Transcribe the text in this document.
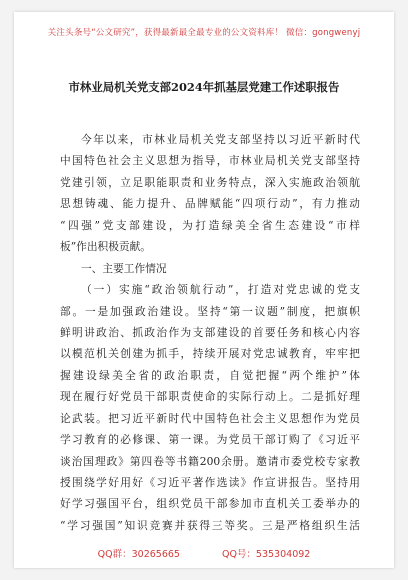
关注头条号“公文研究”，获得最新最全最专业的公文资料库！ 微信：gongwenyj
市林业局机关党支部2024年抓基层党建工作述职报告
今年以来，市林业局机关党支部坚持以习近平新时代
中国特色社会主义思想为指导，市林业局机关党支部坚持
党建引领，立足职能职责和业务特点，深入实施政治领航
思想铸魂、能力提升、品牌赋能“四项行动”，有力推动
“四强”党支部建设，为打造绿美全省生态建设“市样
板”作出积极贡献。
一、主要工作情况
（一）实施“政治领航行动”，打造对党忠诚的党支
部。一是加强政治建设。坚持“第一议题”制度，把旗帜
鲜明讲政治、抓政治作为支部建设的首要任务和核心内容
以模范机关创建为抓手，持续开展对党忠诚教育，牢牢把
握建设绿美全省的政治职责，自觉把握“两个维护”体
现在履行好党员干部职责使命的实际行动上。二是抓好理
论武装。把习近平新时代中国特色社会主义思想作为党员
学习教育的必修课、第一课。为党员干部订购了《习近平
谈治国理政》第四卷等书籍200余册。邀请市委党校专家教
授围绕学好用好《习近平著作选读》作宣讲报告。坚持用
好学习强国平台，组织党员干部参加市直机关工委举办的
“学习强国”知识竞赛并获得三等奖。三是严格组织生活
QQ群：30265665	QQ号：535304092
